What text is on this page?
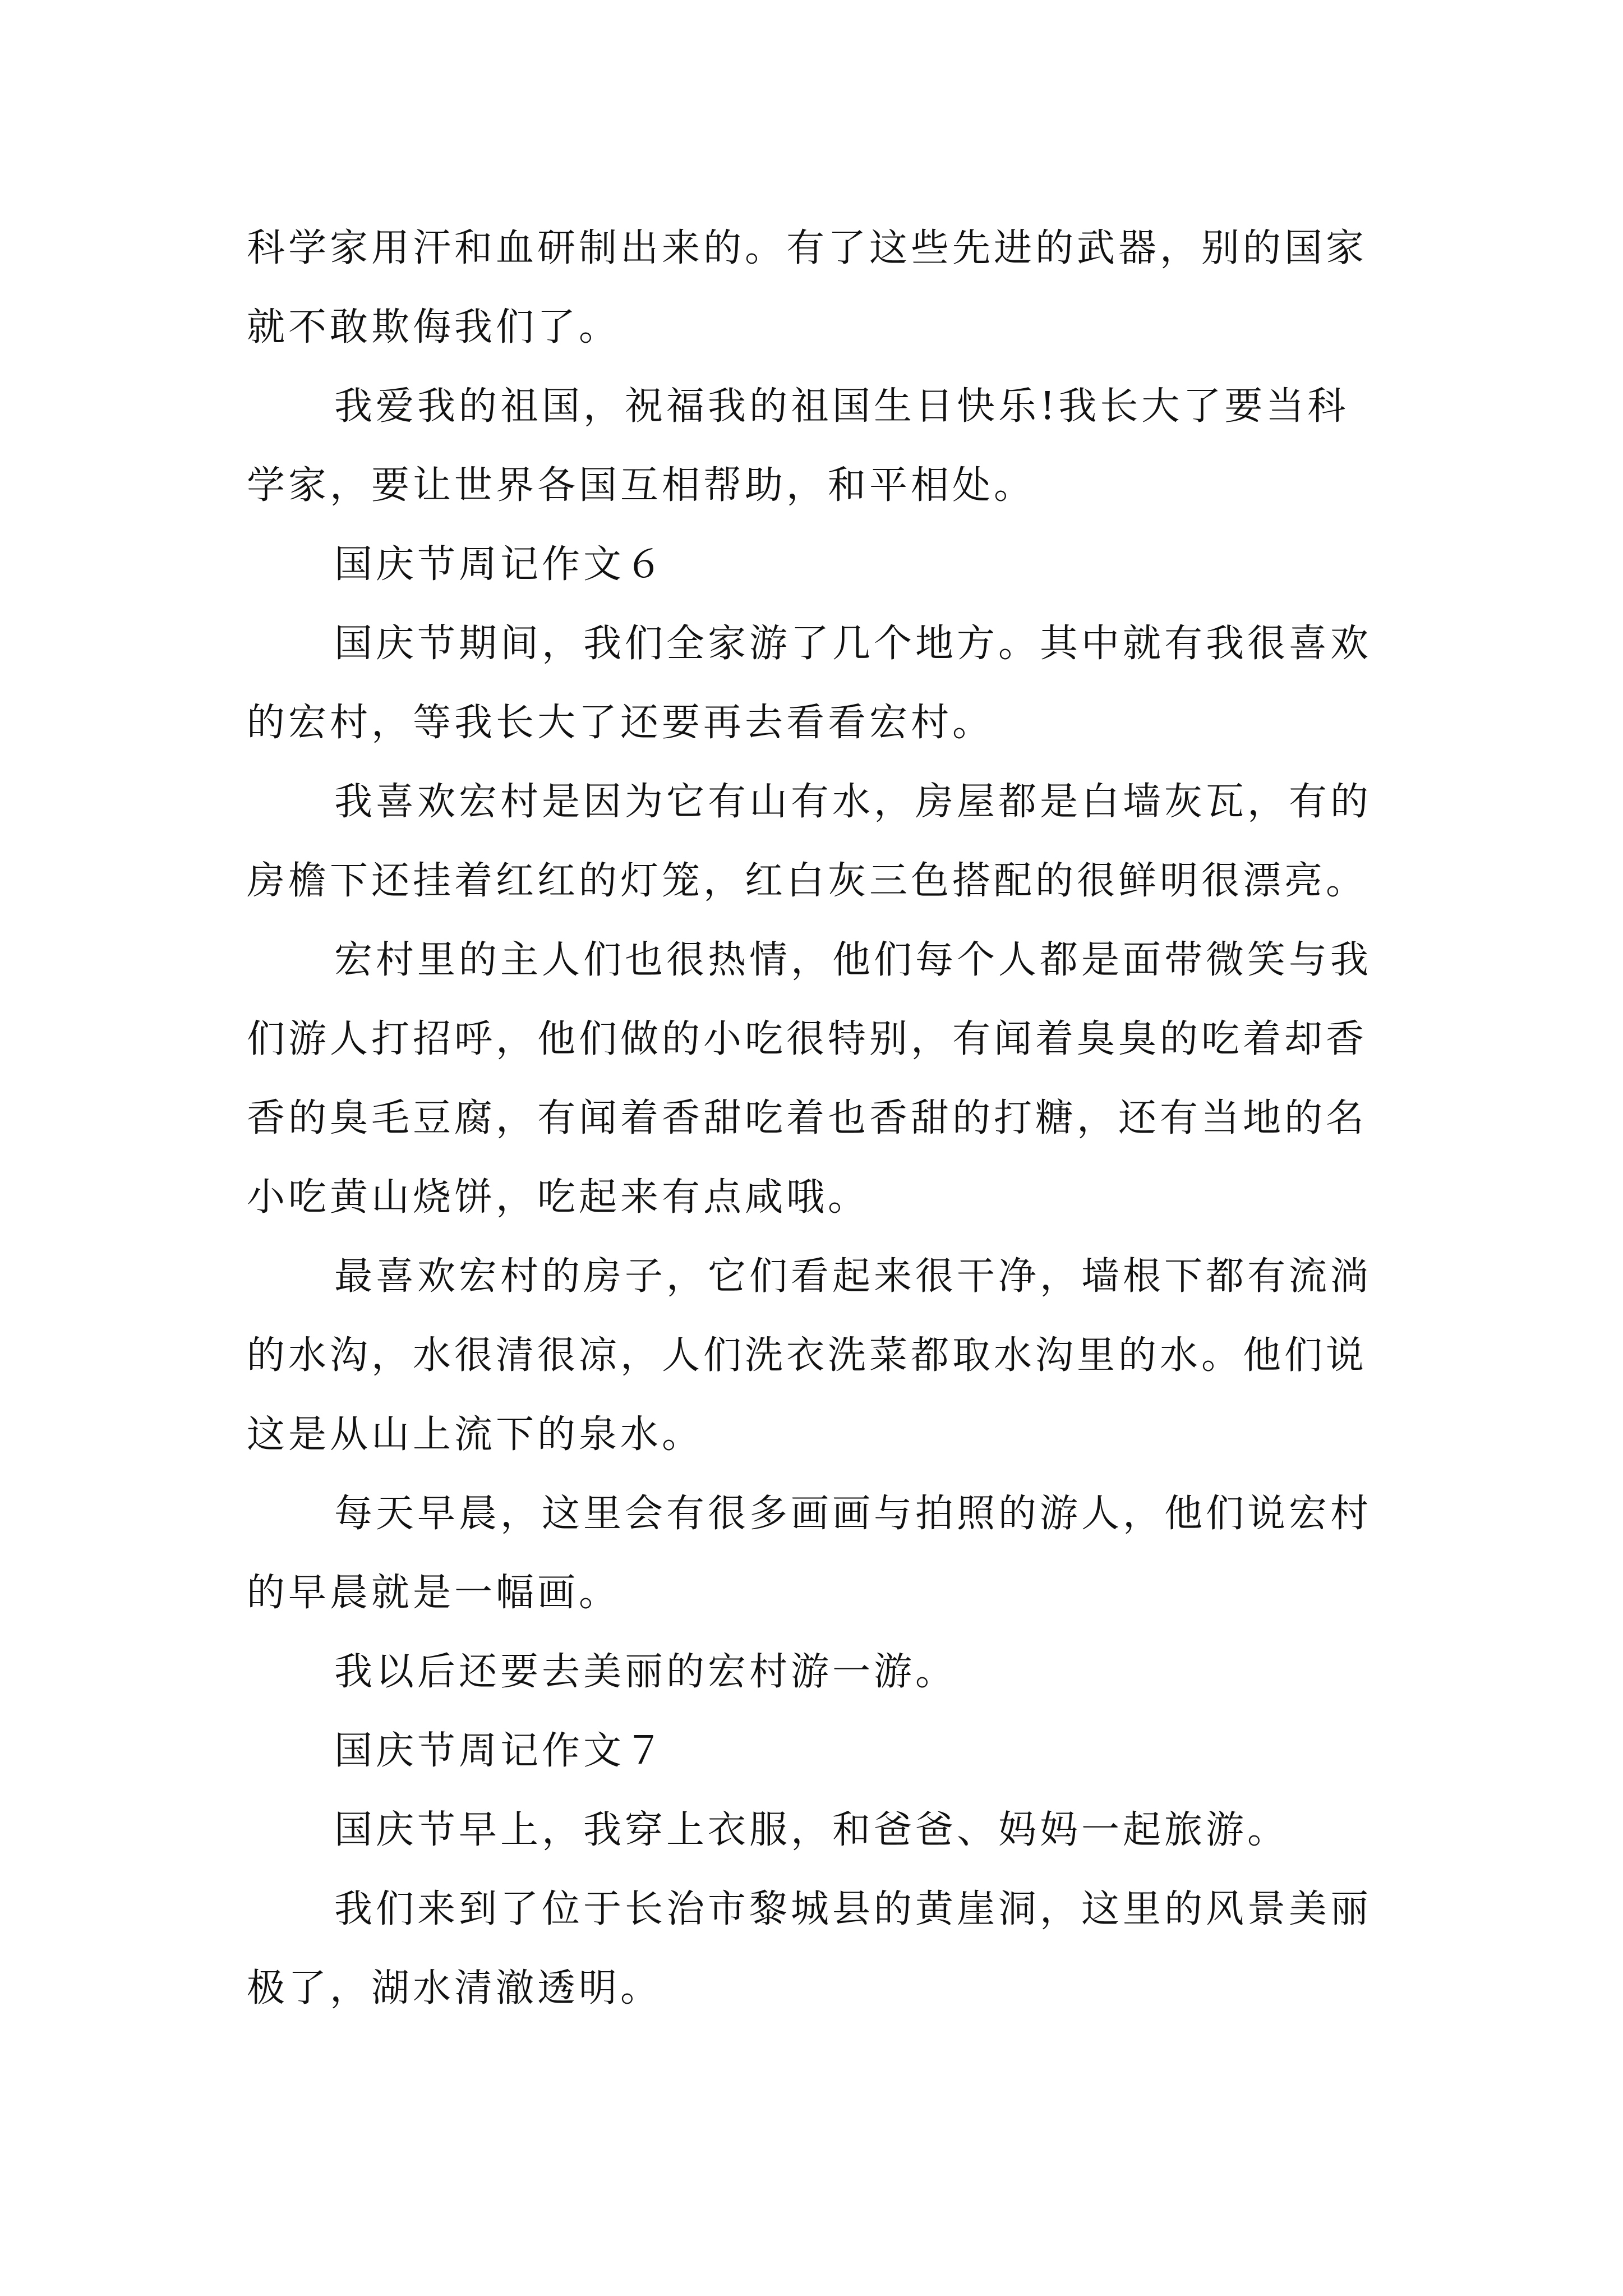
科学家用汗和血研制出来的。有了这些先进的武器，别的国家就不敢欺侮我们了。

我爱我的祖国，祝福我的祖国生日快乐!我长大了要当科学家，要让世界各国互相帮助，和平相处。

国庆节周记作文６

国庆节期间，我们全家游了几个地方。其中就有我很喜欢的宏村，等我长大了还要再去看看宏村。

我喜欢宏村是因为它有山有水，房屋都是白墙灰瓦，有的房檐下还挂着红红的灯笼，红白灰三色搭配的很鲜明很漂亮。

宏村里的主人们也很热情，他们每个人都是面带微笑与我们游人打招呼，他们做的小吃很特别，有闻着臭臭的吃着却香香的臭毛豆腐，有闻着香甜吃着也香甜的打糖，还有当地的名小吃黄山烧饼，吃起来有点咸哦。

最喜欢宏村的房子，它们看起来很干净，墙根下都有流淌的水沟，水很清很凉，人们洗衣洗菜都取水沟里的水。他们说这是从山上流下的泉水。

每天早晨，这里会有很多画画与拍照的游人，他们说宏村的早晨就是一幅画。

我以后还要去美丽的宏村游一游。

国庆节周记作文７

国庆节早上，我穿上衣服，和爸爸、妈妈一起旅游。

我们来到了位于长治市黎城县的黄崖洞，这里的风景美丽极了，湖水清澈透明。
